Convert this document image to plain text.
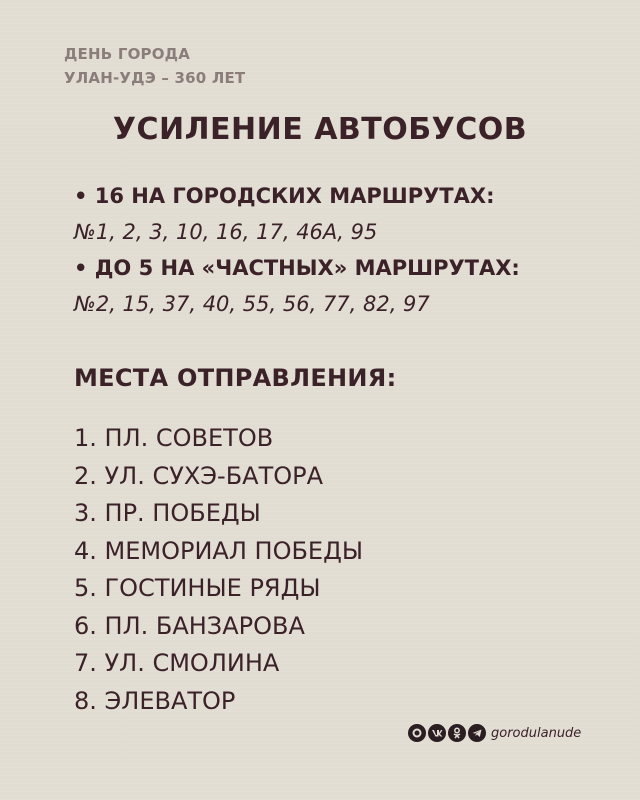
ДЕНЬ ГОРОДА
УЛАН-УДЭ – 360 ЛЕТ
УСИЛЕНИЕ АВТОБУСОВ
• 16 НА ГОРОДСКИХ МАРШРУТАХ:
№1, 2, 3, 10, 16, 17, 46А, 95
• ДО 5 НА «ЧАСТНЫХ» МАРШРУТАХ:
№2, 15, 37, 40, 55, 56, 77, 82, 97
МЕСТА ОТПРАВЛЕНИЯ:
1. ПЛ. СОВЕТОВ
2. УЛ. СУХЭ-БАТОРА
3. ПР. ПОБЕДЫ
4. МЕМОРИАЛ ПОБЕДЫ
5. ГОСТИНЫЕ РЯДЫ
6. ПЛ. БАНЗАРОВА
7. УЛ. СМОЛИНА
8. ЭЛЕВАТОР
gorodulanude
